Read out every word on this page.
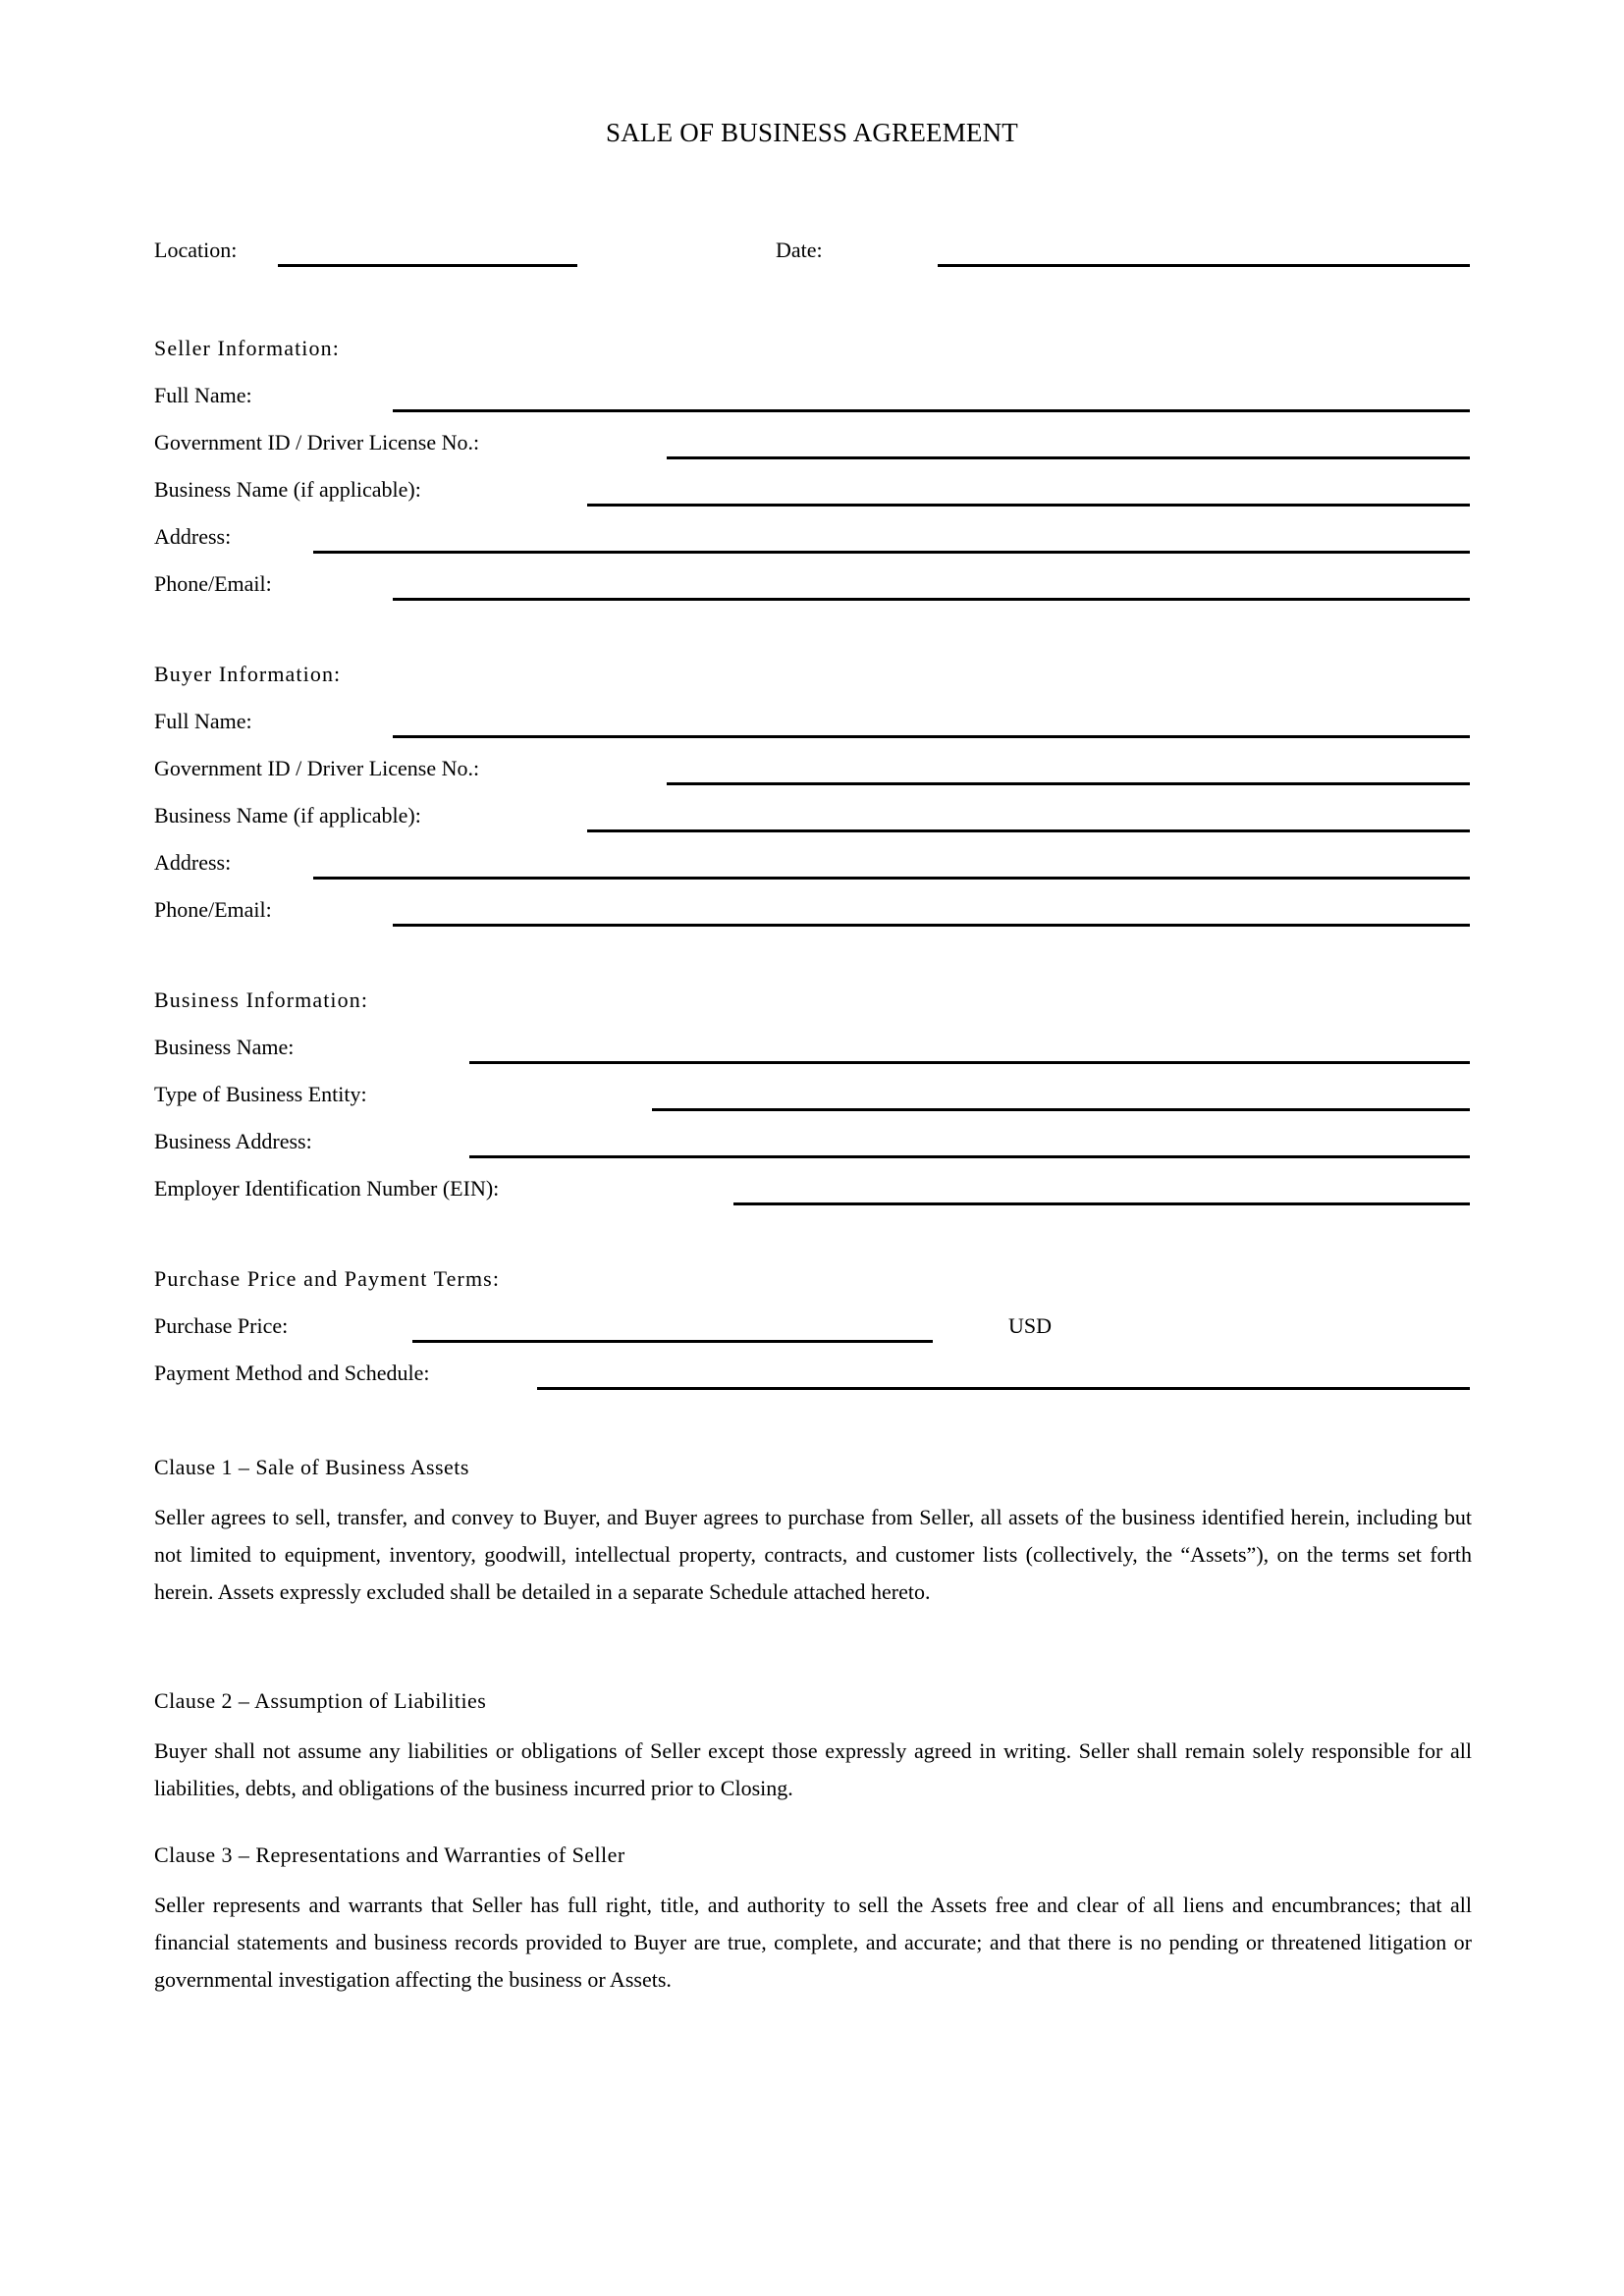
SALE OF BUSINESS AGREEMENT
Location:	Date:
Seller Information:
Full Name:
Government ID / Driver License No.:
Business Name (if applicable):
Address:
Phone/Email:
Buyer Information:
Full Name:
Government ID / Driver License No.:
Business Name (if applicable):
Address:
Phone/Email:
Business Information:
Business Name:
Type of Business Entity:
Business Address:
Employer Identification Number (EIN):
Purchase Price and Payment Terms:
Purchase Price:	USD
Payment Method and Schedule:
Clause 1 – Sale of Business Assets
Seller agrees to sell, transfer, and convey to Buyer, and Buyer agrees to purchase from Seller, all assets of the business identified herein, including but not limited to equipment, inventory, goodwill, intellectual property, contracts, and customer lists (collectively, the “Assets”), on the terms set forth herein. Assets expressly excluded shall be detailed in a separate Schedule attached hereto.
Clause 2 – Assumption of Liabilities
Buyer shall not assume any liabilities or obligations of Seller except those expressly agreed in writing. Seller shall remain solely responsible for all liabilities, debts, and obligations of the business incurred prior to Closing.
Clause 3 – Representations and Warranties of Seller
Seller represents and warrants that Seller has full right, title, and authority to sell the Assets free and clear of all liens and encumbrances; that all financial statements and business records provided to Buyer are true, complete, and accurate; and that there is no pending or threatened litigation or governmental investigation affecting the business or Assets.
